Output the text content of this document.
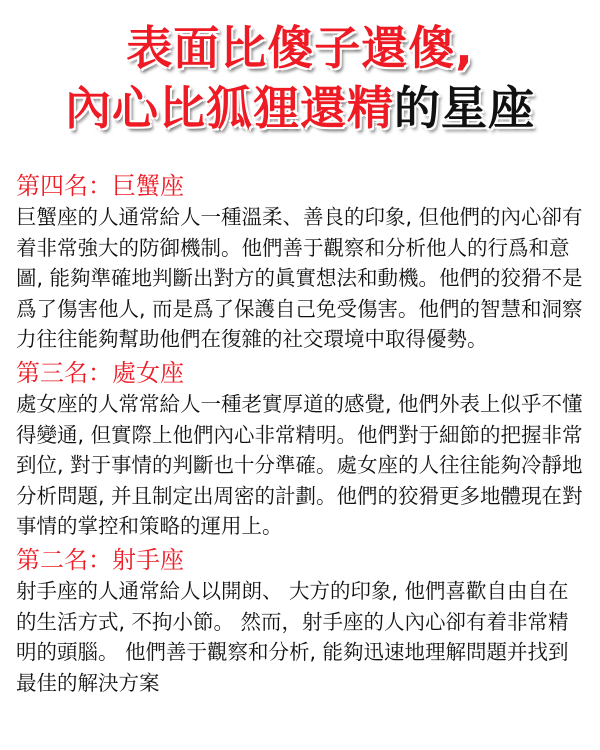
表面比傻子還傻,
內心比狐狸還精的星座

第四名：巨蟹座

巨蟹座的人通常給人一種溫柔、善良的印象, 但他們的內心卻有着非常強大的防御機制。他們善于觀察和分析他人的行爲和意圖, 能夠準確地判斷出對方的眞實想法和動機。他們的狡猾不是爲了傷害他人, 而是爲了保護自己免受傷害。他們的智慧和洞察力往往能夠幫助他們在復雜的社交環境中取得優勢。

第三名：處女座

處女座的人常常給人一種老實厚道的感覺, 他們外表上似乎不懂得變通, 但實際上他們內心非常精明。他們對于細節的把握非常到位, 對于事情的判斷也十分準確。處女座的人往往能夠冷靜地分析問題, 并且制定出周密的計劃。他們的狡猾更多地體現在對事情的掌控和策略的運用上。

第二名：射手座

射手座的人通常給人以開朗、 大方的印象, 他們喜歡自由自在的生活方式, 不拘小節。 然而，射手座的人內心卻有着非常精明的頭腦。 他們善于觀察和分析, 能夠迅速地理解問題并找到最佳的解決方案
